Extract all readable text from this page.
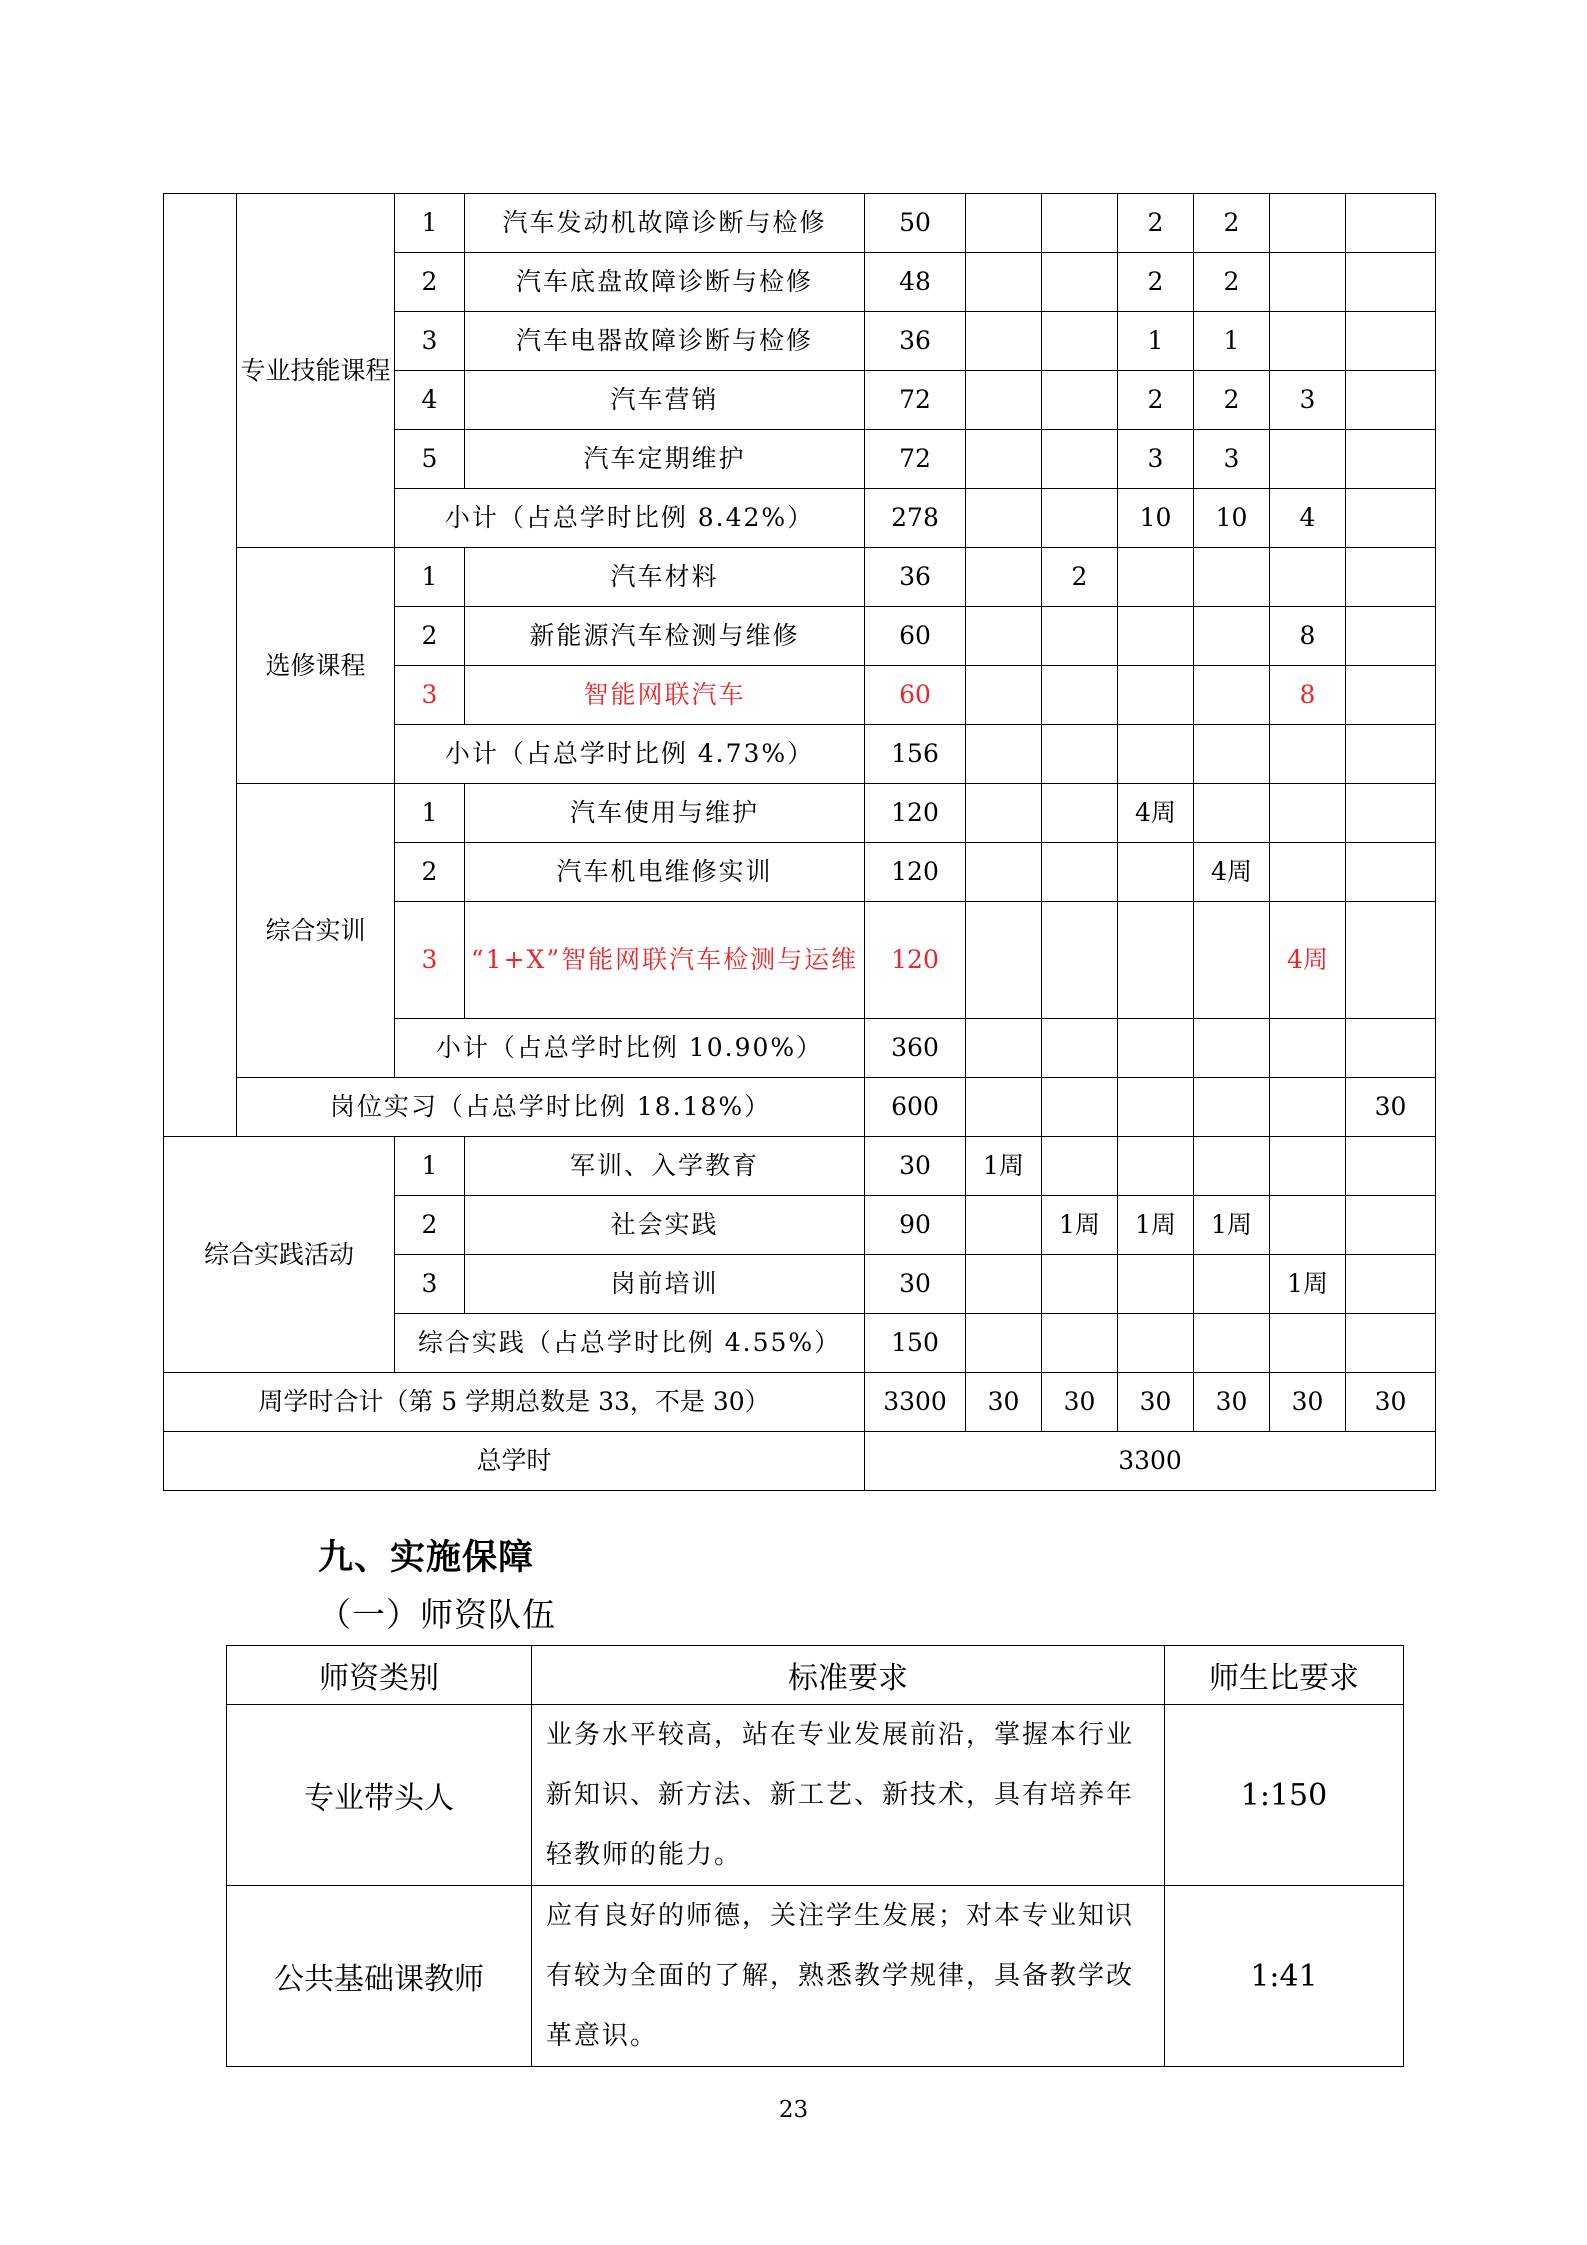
	专业技能课程	1	汽车发动机故障诊断与检修	50			2	2		
		2	汽车底盘故障诊断与检修	48			2	2		
		3	汽车电器故障诊断与检修	36			1	1		
		4	汽车营销	72			2	2	3	
		5	汽车定期维护	72			3	3		
		小计（占总学时比例 8.42%）		278			10	10	4	
	选修课程	1	汽车材料	36		2				
		2	新能源汽车检测与维修	60					8	
		3	智能网联汽车	60					8	
		小计（占总学时比例 4.73%）		156						
	综合实训	1	汽车使用与维护	120			4周			
		2	汽车机电维修实训	120				4周		
		3	“1+X”智能网联汽车检测与运维	120					4周	
		小计（占总学时比例 10.90%）		360						
	岗位实习（占总学时比例 18.18%）			600						30
综合实践活动		1	军训、入学教育	30	1周					
		2	社会实践	90		1周	1周	1周		
		3	岗前培训	30					1周	
		综合实践（占总学时比例 4.55%）		150						
周学时合计（第 5 学期总数是 33，不是 30）				3300	30	30	30	30	30	30
总学时				3300						
九、实施保障
（一）师资队伍
师资类别	标准要求	师生比要求
专业带头人	业务水平较高，站在专业发展前沿，掌握本行业新知识、新方法、新工艺、新技术，具有培养年轻教师的能力。	1:150
公共基础课教师	应有良好的师德，关注学生发展；对本专业知识有较为全面的了解，熟悉教学规律，具备教学改革意识。	1:41
23
